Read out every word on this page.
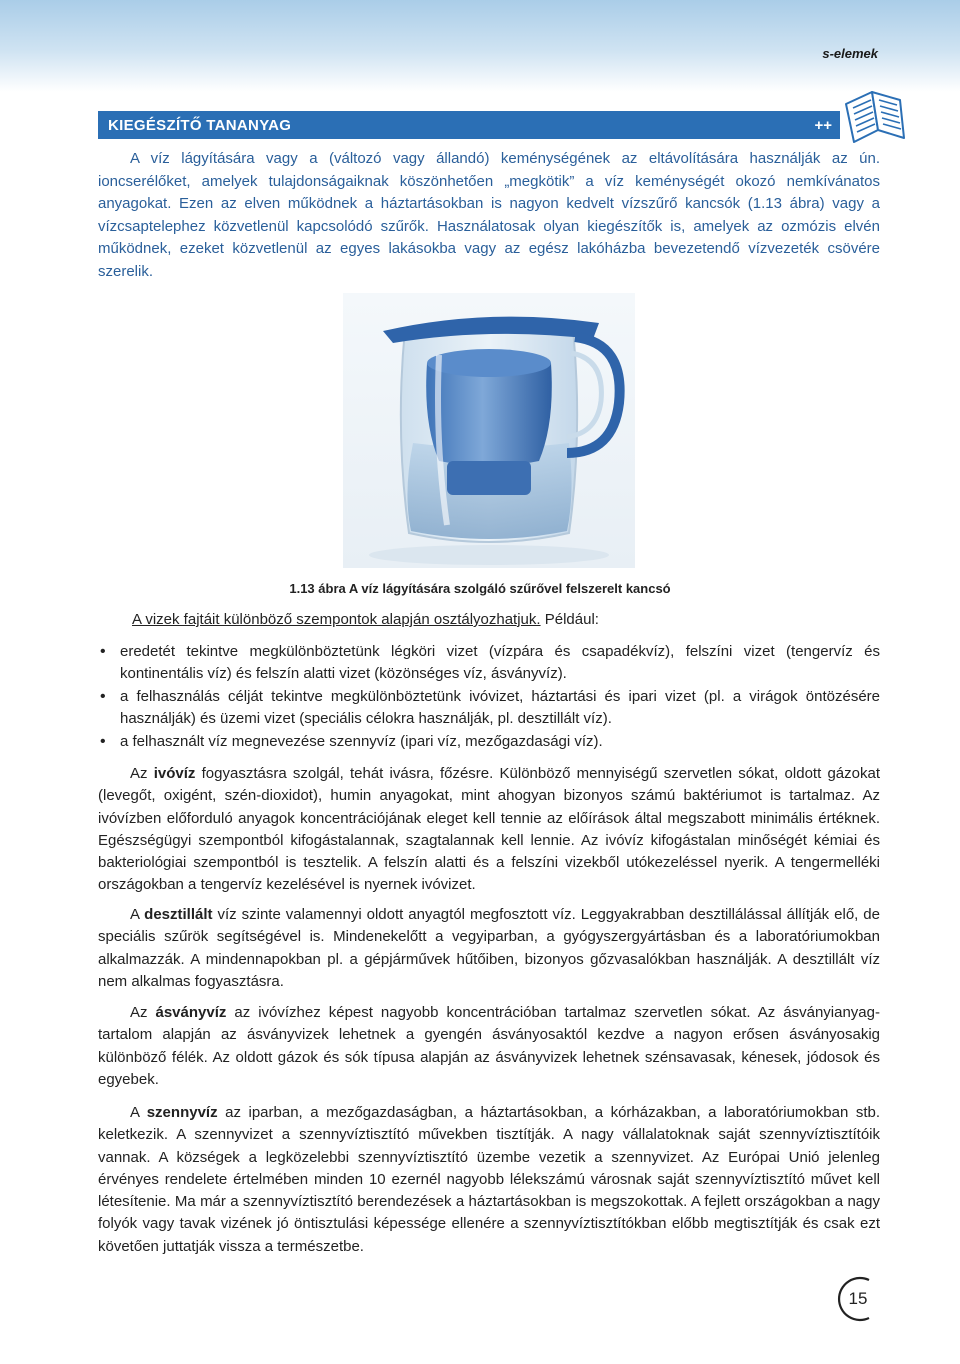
s-elemek
KIEGÉSZÍTŐ TANANYAG	++

A víz lágyítására vagy a (változó vagy állandó) keménységének az eltávolítására használják az ún. ioncserélőket, amelyek tulajdonságaiknak köszönhetően „megkötik” a víz keménységét okozó nemkívánatos anyagokat. Ezen az elven működnek a háztartásokban is nagyon kedvelt vízszűrő kancsók (1.13 ábra) vagy a vízcsaptelephez közvetlenül kapcsolódó szűrők. Használatosak olyan kiegészítők is, amelyek az ozmózis elvén működnek, ezeket közvetlenül az egyes lakásokba vagy az egész lakóházba bevezetendő vízvezeték csövére szerelik.

1.13 ábra A víz lágyítására szolgáló szűrővel felszerelt kancsó
A vizek fajtáit különböző szempontok alapján osztályozhatjuk. Például:
• eredetét tekintve megkülönböztetünk légköri vizet (vízpára és csapadékvíz), felszíni vizet (tengervíz és kontinentális víz) és felszín alatti vizet (közönséges víz, ásványvíz).
• a felhasználás célját tekintve megkülönböztetünk ivóvizet, háztartási és ipari vizet (pl. a virágok öntözésére használják) és üzemi vizet (speciális célokra használják, pl. desztillált víz).
• a felhasznált víz megnevezése szennyvíz (ipari víz, mezőgazdasági víz).

Az ivóvíz fogyasztásra szolgál, tehát ivásra, főzésre. Különböző mennyiségű szervetlen sókat, oldott gázokat (levegőt, oxigént, szén-dioxidot), humin anyagokat, mint ahogyan bizonyos számú baktériumot is tartalmaz. Az ivóvízben előforduló anyagok koncentrációjának eleget kell tennie az előírások által megszabott minimális értéknek. Egészségügyi szempontból kifogástalannak, szagtalannak kell lennie. Az ivóvíz kifogástalan minőségét kémiai és bakteriológiai szempontból is tesztelik. A felszín alatti és a felszíni vizekből utókezeléssel nyerik. A tengermelléki országokban a tengervíz kezelésével is nyernek ivóvizet.

A desztillált víz szinte valamennyi oldott anyagtól megfosztott víz. Leggyakrabban desztillálással állítják elő, de speciális szűrök segítségével is. Mindenekelőtt a vegyiparban, a gyógyszergyártásban és a laboratóriumokban alkalmazzák. A mindennapokban pl. a gépjárművek hűtőiben, bizonyos gőzvasalókban használják. A desztillált víz nem alkalmas fogyasztásra.

Az ásványvíz az ivóvízhez képest nagyobb koncentrációban tartalmaz szervetlen sókat. Az ásványianyag-tartalom alapján az ásványvizek lehetnek a gyengén ásványosaktól kezdve a nagyon erősen ásványosakig különböző félék. Az oldott gázok és sók típusa alapján az ásványvizek lehetnek szénsavasak, kénesek, jódosok és egyebek.

A szennyvíz az iparban, a mezőgazdaságban, a háztartásokban, a kórházakban, a laboratóriumokban stb. keletkezik. A szennyvizet a szennyvíztisztító művekben tisztítják. A nagy vállalatoknak saját szennyvíztisztítóik vannak. A községek a legközelebbi szennyvíztisztító üzembe vezetik a szennyvizet. Az Európai Unió jelenleg érvényes rendelete értelmében minden 10 ezernél nagyobb lélekszámú városnak saját szennyvíztisztító művet kell létesítenie. Ma már a szennyvíztisztító berendezések a háztartásokban is megszokottak. A fejlett országokban a nagy folyók vagy tavak vizének jó öntisztulási képessége ellenére a szennyvíztisztítókban előbb megtisztítják és csak ezt követően juttatják vissza a természetbe.

15
